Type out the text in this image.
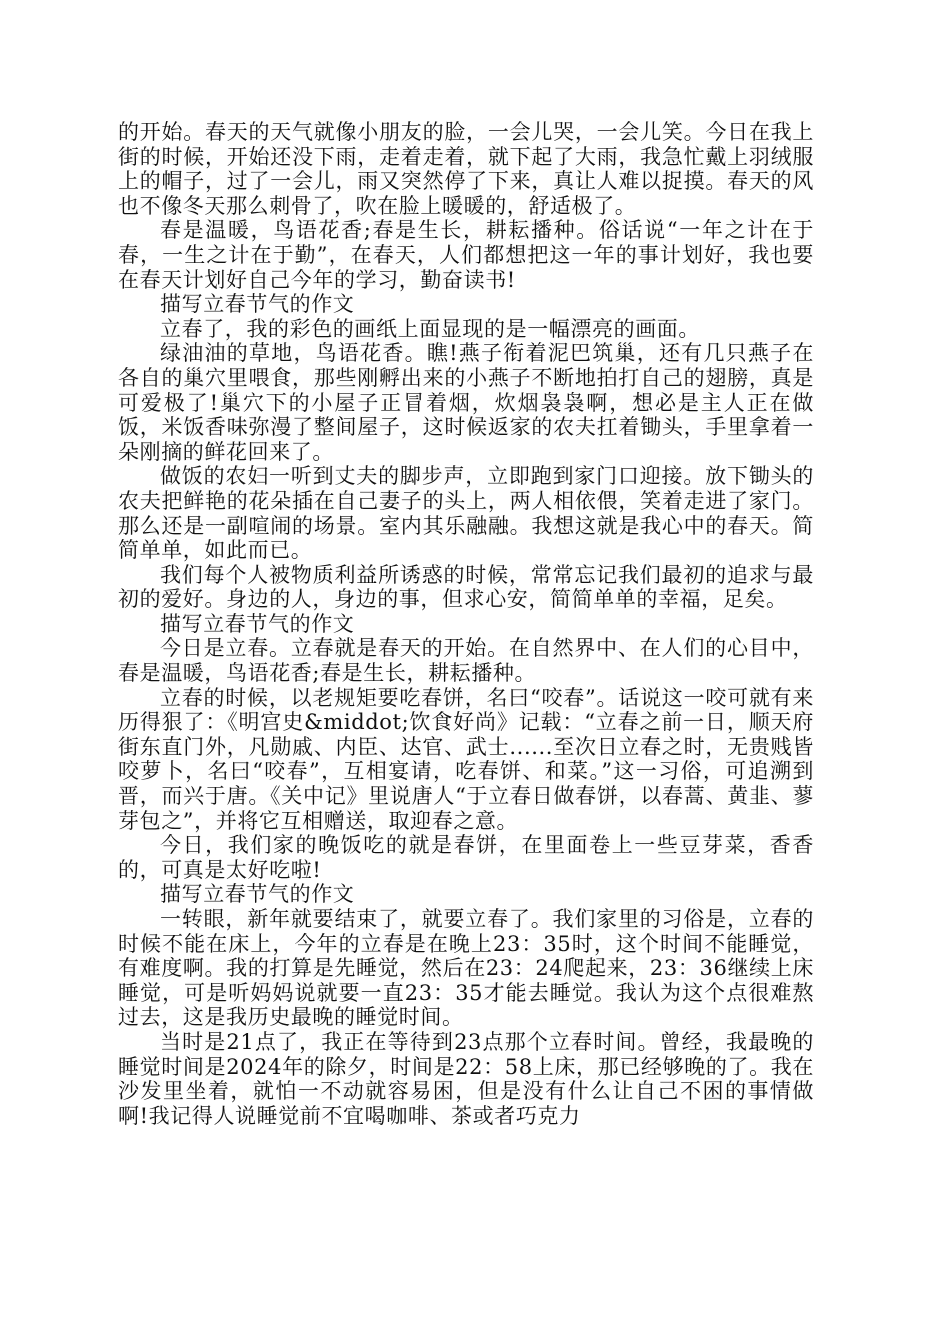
的开始。春天的天气就像小朋友的脸，一会儿哭，一会儿笑。今日在我上街的时候，开始还没下雨，走着走着，就下起了大雨，我急忙戴上羽绒服上的帽子，过了一会儿，雨又突然停了下来，真让人难以捉摸。春天的风也不像冬天那么刺骨了，吹在脸上暖暖的，舒适极了。

春是温暖，鸟语花香;春是生长，耕耘播种。俗话说“一年之计在于春，一生之计在于勤”，在春天，人们都想把这一年的事计划好，我也要在春天计划好自己今年的学习，勤奋读书!

描写立春节气的作文

立春了，我的彩色的画纸上面显现的是一幅漂亮的画面。

绿油油的草地，鸟语花香。瞧!燕子衔着泥巴筑巢，还有几只燕子在各自的巢穴里喂食，那些刚孵出来的小燕子不断地拍打自己的翅膀，真是可爱极了!巢穴下的小屋子正冒着烟，炊烟袅袅啊，想必是主人正在做饭，米饭香味弥漫了整间屋子，这时候返家的农夫扛着锄头，手里拿着一朵刚摘的鲜花回来了。

做饭的农妇一听到丈夫的脚步声，立即跑到家门口迎接。放下锄头的农夫把鲜艳的花朵插在自己妻子的头上，两人相依偎，笑着走进了家门。那么还是一副喧闹的场景。室内其乐融融。我想这就是我心中的春天。简简单单，如此而已。

我们每个人被物质利益所诱惑的时候，常常忘记我们最初的追求与最初的爱好。身边的人，身边的事，但求心安，简简单单的幸福，足矣。

描写立春节气的作文

今日是立春。立春就是春天的开始。在自然界中、在人们的心目中，春是温暖，鸟语花香;春是生长，耕耘播种。

立春的时候，以老规矩要吃春饼，名曰“咬春”。话说这一咬可就有来历得狠了：《明宫史&middot;饮食好尚》记载：“立春之前一日，顺天府街东直门外，凡勋戚、内臣、达官、武士......至次日立春之时，无贵贱皆咬萝卜，名曰“咬春”，互相宴请，吃春饼、和菜。”这一习俗，可追溯到晋，而兴于唐。《关中记》里说唐人“于立春日做春饼，以春蒿、黄韭、蓼芽包之”，并将它互相赠送，取迎春之意。

今日，我们家的晚饭吃的就是春饼，在里面卷上一些豆芽菜，香香的，可真是太好吃啦!

描写立春节气的作文

一转眼，新年就要结束了，就要立春了。我们家里的习俗是，立春的时候不能在床上，今年的立春是在晚上23：35时，这个时间不能睡觉，有难度啊。我的打算是先睡觉，然后在23：24爬起来，23：36继续上床睡觉，可是听妈妈说就要一直23：35才能去睡觉。我认为这个点很难熬过去，这是我历史最晚的睡觉时间。

当时是21点了，我正在等待到23点那个立春时间。曾经，我最晚的睡觉时间是2024年的除夕，时间是22：58上床，那已经够晚的了。我在沙发里坐着，就怕一不动就容易困，但是没有什么让自己不困的事情做啊!我记得人说睡觉前不宜喝咖啡、茶或者巧克力
